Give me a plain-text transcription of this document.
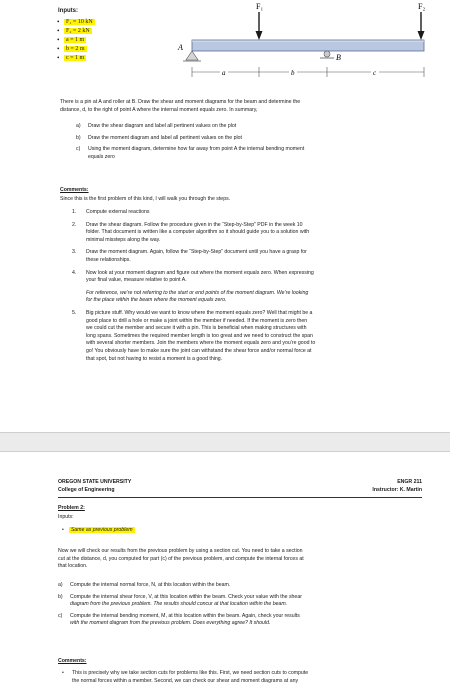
Inputs:
• F₁ = 10 kN
• F₂ = 2 kN
• a = 1 m
• b = 2 m
• c = 1 m
F₁	F₂
A
B
a	b	c
There is a pin at A and roller at B. Draw the shear and moment diagrams for the beam and determine the
distance, d, to the right of point A where the internal moment equals zero. In summary,
a) Draw the shear diagram and label all pertinent values on the plot
b) Draw the moment diagram and label all pertinent values on the plot
c) Using the moment diagram, determine how far away from point A the internal bending moment
equals zero
Comments:
Since this is the first problem of this kind, I will walk you through the steps.
1. Compute external reactions
2. Draw the shear diagram. Follow the procedure given in the “Step-by-Step” PDF in the week 10
folder. That document is written like a computer algorithm so it should guide you to a solution with
minimal missteps along the way.
3. Draw the moment diagram. Again, follow the “Step-by-Step” document until you have a grasp for
these relationships.
4. Now look at your moment diagram and figure out where the moment equals zero. When expressing
your final value, measure relative to point A.
For reference, we’re not referring to the start or end points of the moment diagram. We’re looking
for the place within the beam where the moment equals zero.
5. Big picture stuff. Why would we want to know where the moment equals zero? Well that might be a
good place to drill a hole or make a joint within the member if needed. If the moment is zero then
we could cut the member and secure it with a pin. This is beneficial when making structures with
long spans. Sometimes the required member length is too great and we need to construct the span
with several shorter members. Join the members where the moment equals zero and you’re good to
go! You obviously have to make sure the joint can withstand the shear force and/or normal force at
that spot, but not having to resist a moment is a good thing.
OREGON STATE UNIVERSITY
College of Engineering
ENGR 211
Instructor: K. Martin
Problem 2:
Inputs:
• Same as previous problem
Now we will check our results from the previous problem by using a section cut. You need to take a section
cut at the distance, d, you computed for part (c) of the previous problem, and compute the internal forces at
that location.
a) Compute the internal normal force, N, at this location within the beam.
b) Compute the internal shear force, V, at this location within the beam. Check your value with the shear
diagram from the previous problem. The results should concur at that location within the beam.
c) Compute the internal bending moment, M, at this location within the beam. Again, check your results
with the moment diagram from the previous problem. Does everything agree? It should.
Comments:
• This is precisely why we take section cuts for problems like this. First, we need section cuts to compute
the normal forces within a member. Second, we can check our shear and moment diagrams at any
